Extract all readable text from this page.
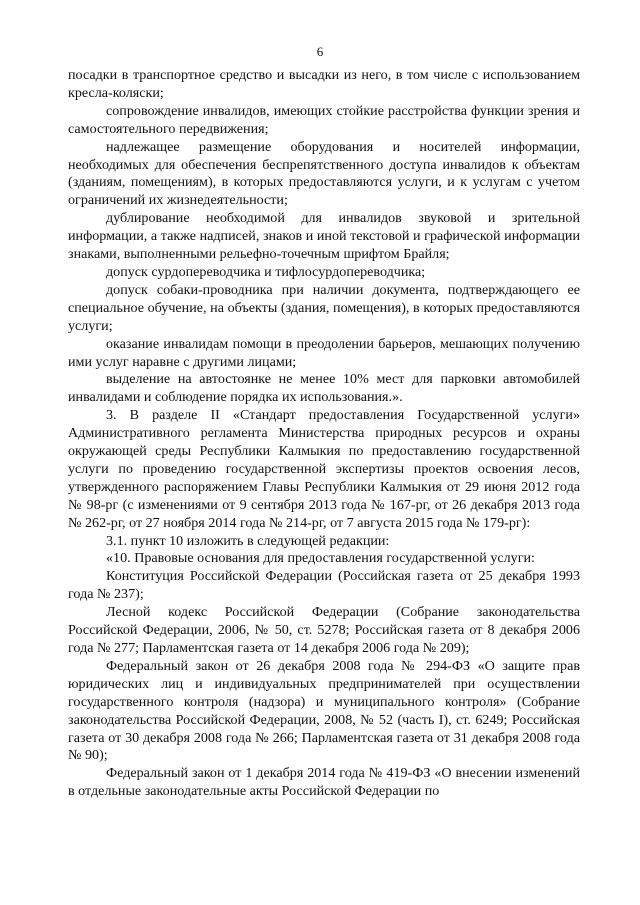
6

посадки в транспортное средство и высадки из него, в том числе с использованием кресла-коляски;

сопровождение инвалидов, имеющих стойкие расстройства функции зрения и самостоятельного передвижения;

надлежащее размещение оборудования и носителей информации, необходимых для обеспечения беспрепятственного доступа инвалидов к объектам (зданиям, помещениям), в которых предоставляются услуги, и к услугам с учетом ограничений их жизнедеятельности;

дублирование необходимой для инвалидов звуковой и зрительной информации, а также надписей, знаков и иной текстовой и графической информации знаками, выполненными рельефно-точечным шрифтом Брайля;

допуск сурдопереводчика и тифлосурдопереводчика;

допуск собаки-проводника при наличии документа, подтверждающего ее специальное обучение, на объекты (здания, помещения), в которых предоставляются услуги;

оказание инвалидам помощи в преодолении барьеров, мешающих получению ими услуг наравне с другими лицами;

выделение на автостоянке не менее 10% мест для парковки автомобилей инвалидами и соблюдение порядка их использования.».

3. В разделе II «Стандарт предоставления Государственной услуги» Административного регламента Министерства природных ресурсов и охраны окружающей среды Республики Калмыкия по предоставлению государственной услуги по проведению государственной экспертизы проектов освоения лесов, утвержденного распоряжением Главы Республики Калмыкия от 29 июня 2012 года № 98-рг (с изменениями от 9 сентября 2013 года № 167-рг, от 26 декабря 2013 года № 262-рг, от 27 ноября 2014 года № 214-рг, от 7 августа 2015 года № 179-рг):

3.1. пункт 10 изложить в следующей редакции:

«10. Правовые основания для предоставления государственной услуги:

Конституция Российской Федерации (Российская газета от 25 декабря 1993 года № 237);

Лесной кодекс Российской Федерации (Собрание законодательства Российской Федерации, 2006, № 50, ст. 5278; Российская газета от 8 декабря 2006 года № 277; Парламентская газета от 14 декабря 2006 года № 209);

Федеральный закон от 26 декабря 2008 года № 294-ФЗ «О защите прав юридических лиц и индивидуальных предпринимателей при осуществлении государственного контроля (надзора) и муниципального контроля» (Собрание законодательства Российской Федерации, 2008, № 52 (часть I), ст. 6249; Российская газета от 30 декабря 2008 года № 266; Парламентская газета от 31 декабря 2008 года № 90);

Федеральный закон от 1 декабря 2014 года № 419-ФЗ «О внесении изменений в отдельные законодательные акты Российской Федерации по
